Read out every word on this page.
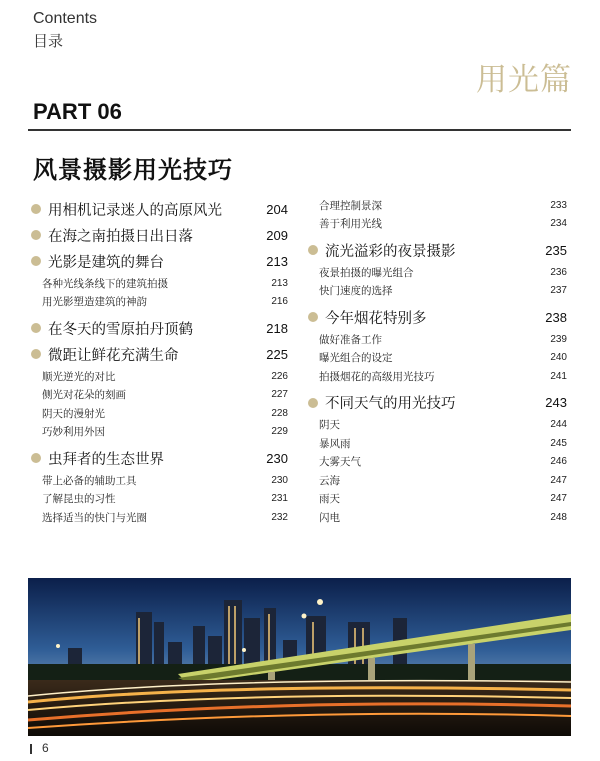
Contents
目录
用光篇
PART 06
风景摄影用光技巧
用相机记录迷人的高原风光	204
在海之南拍摄日出日落	209
光影是建筑的舞台	213
各种光线条线下的建筑拍摄	213
用光影塑造建筑的神韵	216
在冬天的雪原拍丹顶鹤	218
微距让鲜花充满生命	225
顺光逆光的对比	226
侧光对花朵的刻画	227
阴天的漫射光	228
巧妙利用外因	229
虫拜者的生态世界	230
带上必备的辅助工具	230
了解昆虫的习性	231
选择适当的快门与光圈	232
合理控制景深	233
善于利用光线	234
流光溢彩的夜景摄影	235
夜景拍摄的曝光组合	236
快门速度的选择	237
今年烟花特别多	238
做好准备工作	239
曝光组合的设定	240
拍摄烟花的高级用光技巧	241
不同天气的用光技巧	243
阴天	244
暴风雨	245
大雾天气	246
云海	247
雨天	247
闪电	248
6
